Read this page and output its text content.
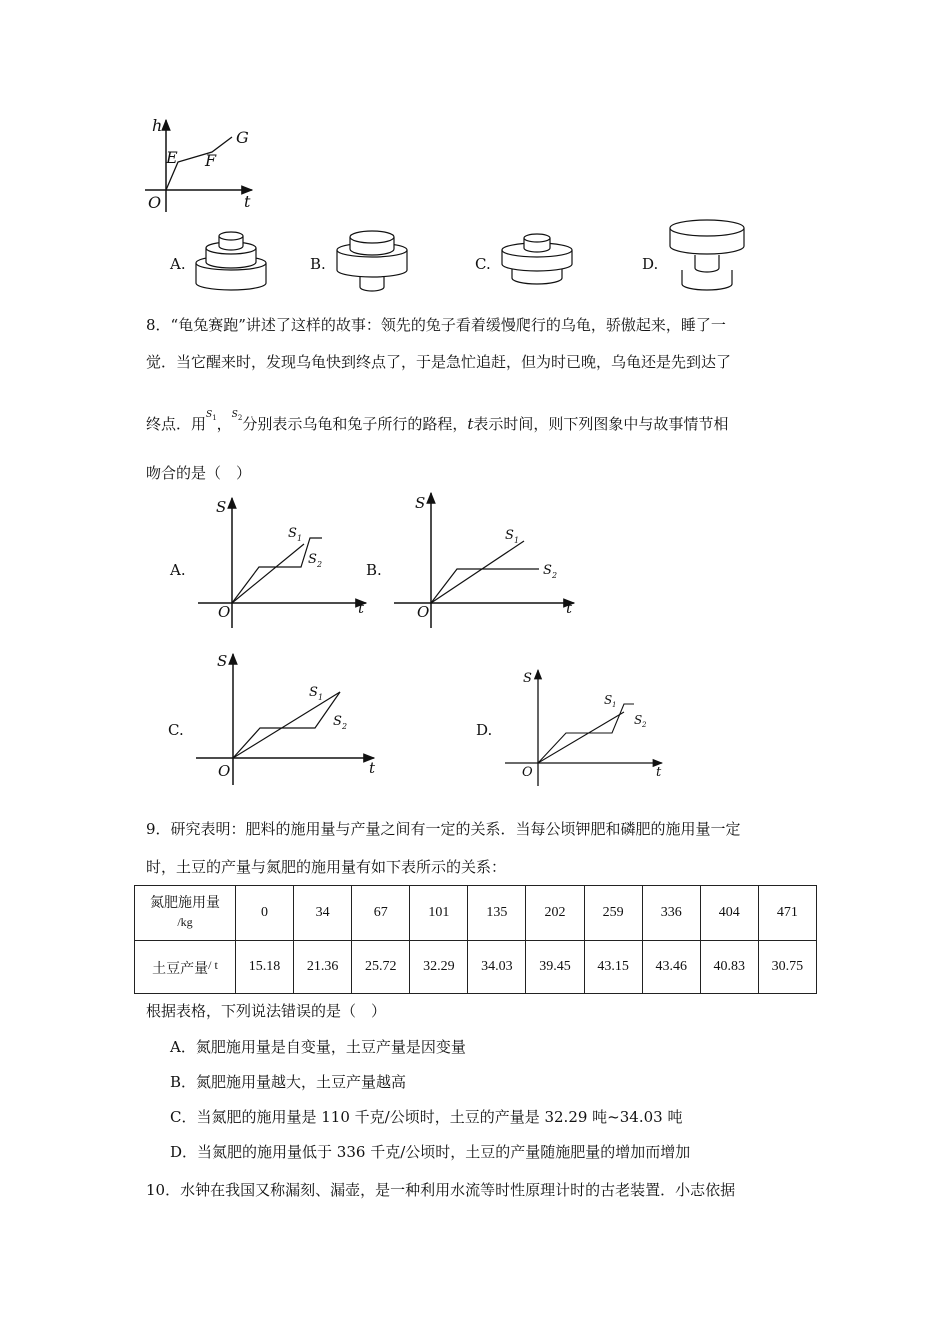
h
t
O
E F
G
A.	B.	C.	D.
8．“龟兔赛跑”讲述了这样的故事：领先的兔子看着缓慢爬行的乌龟，骄傲起来，睡了一
觉．当它醒来时，发现乌龟快到终点了，于是急忙追赶，但为时已晚，乌龟还是先到达了
终点．用$^S_1$，$^S_2$分别表示乌龟和兔子所行的路程，t表示时间，则下列图象中与故事情节相
吻合的是（　）
A.	B.
C.	D.
S
t
O
S 1
S 2
S
t
O
S 1
S 2
S
t
O
S 1
S 2
S
t
O
S 1
S 2
9．研究表明：肥料的施用量与产量之间有一定的关系．当每公顷钾肥和磷肥的施用量一定
时，土豆的产量与氮肥的施用量有如下表所示的关系：
氮肥施用量
/kg	0	34	67	101	135	202	259	336	404	471
土豆产量/ t	15.18	21.36	25.72	32.29	34.03	39.45	43.15	43.46	40.83	30.75
根据表格，下列说法错误的是（　）
A．氮肥施用量是自变量，土豆产量是因变量
B．氮肥施用量越大，土豆产量越高
C．当氮肥的施用量是 110 千克/公顷时，土豆的产量是 32.29 吨~34.03 吨
D．当氮肥的施用量低于 336 千克/公顷时，土豆的产量随施肥量的增加而增加
10．水钟在我国又称漏刻、漏壶，是一种利用水流等时性原理计时的古老装置．小志依据
